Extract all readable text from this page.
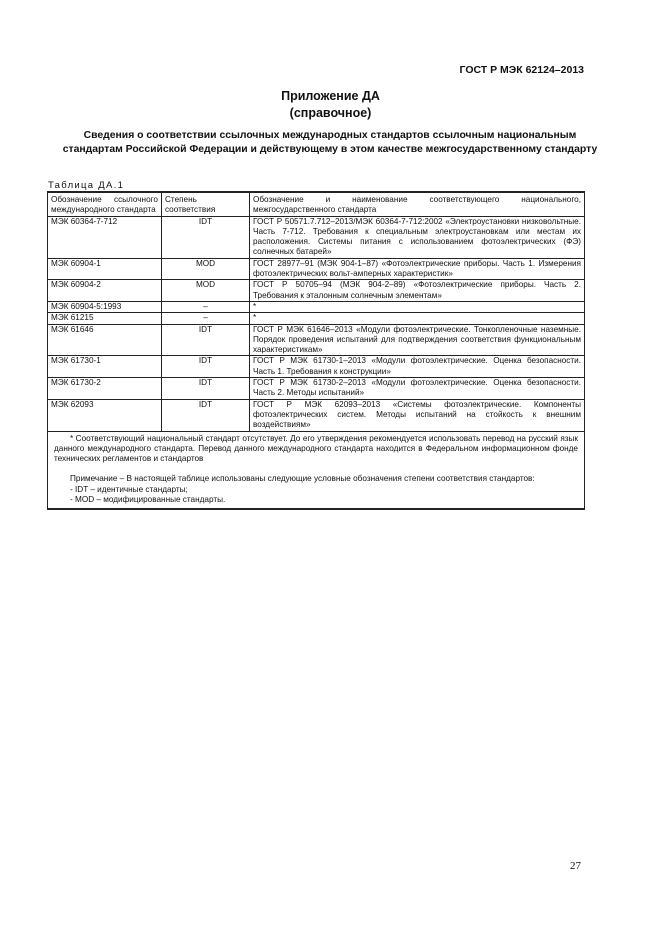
ГОСТ Р МЭК 62124–2013
Приложение ДА
(справочное)
Сведения о соответствии ссылочных международных стандартов ссылочным национальным стандартам Российской Федерации и действующему в этом качестве межгосударственному стандарту
Таблица ДА.1
Обозначение ссылочного международного стандарта	Степень соответствия	Обозначение и наименование соответствующего национального, межгосударственного стандарта
МЭК 60364-7-712	IDT	ГОСТ Р 50571.7.712–2013/МЭК 60364-7-712:2002 «Электроустановки низковольтные. Часть 7-712. Требования к специальным электроустановкам или местам их расположения. Системы питания с использованием фотоэлектрических (ФЭ) солнечных батарей»
МЭК 60904-1	MOD	ГОСТ 28977–91 (МЭК 904-1–87) «Фотоэлектрические приборы. Часть 1. Измерения фотоэлектрических вольт-амперных характеристик»
МЭК 60904-2	MOD	ГОСТ Р 50705–94 (МЭК 904-2–89) «Фотоэлектрические приборы. Часть 2. Требования к эталонным солнечным элементам»
МЭК 60904-5:1993	–	*
МЭК 61215	–	*
МЭК 61646	IDT	ГОСТ Р МЭК 61646–2013 «Модули фотоэлектрические. Тонкопленочные наземные. Порядок проведения испытаний для подтверждения соответствия функциональным характеристикам»
МЭК 61730-1	IDT	ГОСТ Р МЭК 61730-1–2013 «Модули фотоэлектрические. Оценка безопасности. Часть 1. Требования к конструкции»
МЭК 61730-2	IDT	ГОСТ Р МЭК 61730-2–2013 «Модули фотоэлектрические. Оценка безопасности. Часть 2. Методы испытаний»
МЭК 62093	IDT	ГОСТ Р МЭК 62093–2013 «Системы фотоэлектрические. Компоненты фотоэлектрических систем. Методы испытаний на стойкость к внешним воздействиям»

* Соответствующий национальный стандарт отсутствует. До его утверждения рекомендуется использовать перевод на русский язык данного международного стандарта. Перевод данного международного стандарта находится в Федеральном информационном фонде технических регламентов и стандартов

Примечание – В настоящей таблице использованы следующие условные обозначения степени соответствия стандартов:

- IDT – идентичные стандарты;

- MOD – модифицированные стандарты.		

27
